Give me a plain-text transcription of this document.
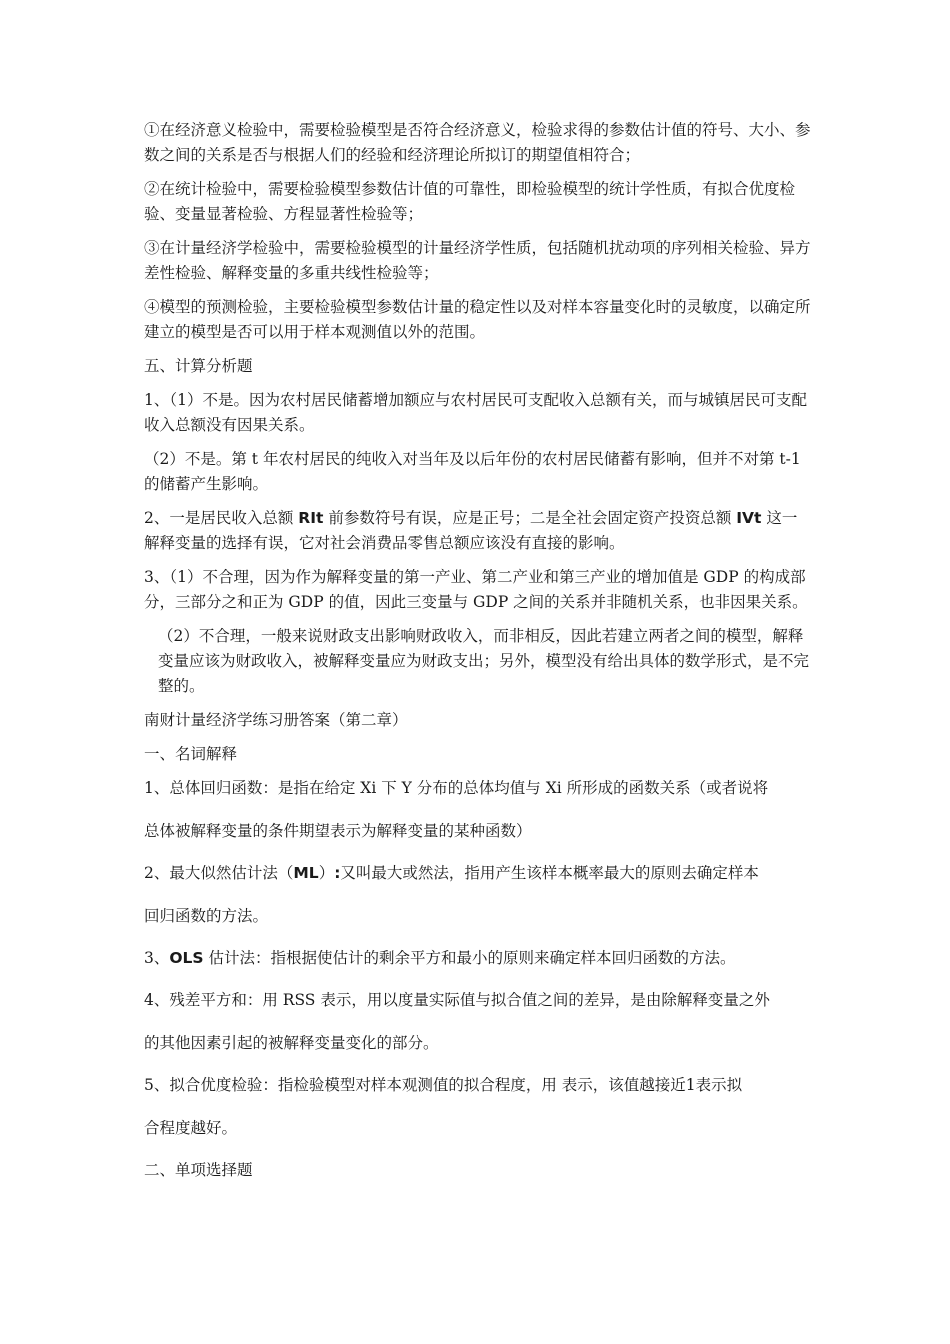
①在经济意义检验中，需要检验模型是否符合经济意义，检验求得的参数估计值的符号、大小、参数之间的关系是否与根据人们的经验和经济理论所拟订的期望值相符合；

②在统计检验中，需要检验模型参数估计值的可靠性，即检验模型的统计学性质，有拟合优度检验、变量显著检验、方程显著性检验等；

③在计量经济学检验中，需要检验模型的计量经济学性质，包括随机扰动项的序列相关检验、异方差性检验、解释变量的多重共线性检验等；

④模型的预测检验，主要检验模型参数估计量的稳定性以及对样本容量变化时的灵敏度，以确定所建立的模型是否可以用于样本观测值以外的范围。

五、计算分析题

1、（1）不是。因为农村居民储蓄增加额应与农村居民可支配收入总额有关，而与城镇居民可支配收入总额没有因果关系。

（2）不是。第 t 年农村居民的纯收入对当年及以后年份的农村居民储蓄有影响，但并不对第 t-1的储蓄产生影响。

2、一是居民收入总额 RIt 前参数符号有误，应是正号；二是全社会固定资产投资总额 IVt 这一解释变量的选择有误，它对社会消费品零售总额应该没有直接的影响。

3、（1）不合理，因为作为解释变量的第一产业、第二产业和第三产业的增加值是 GDP 的构成部分，三部分之和正为 GDP 的值，因此三变量与 GDP 之间的关系并非随机关系，也非因果关系。

（2）不合理，一般来说财政支出影响财政收入，而非相反，因此若建立两者之间的模型，解释变量应该为财政收入，被解释变量应为财政支出；另外，模型没有给出具体的数学形式，是不完整的。

南财计量经济学练习册答案（第二章）

一、名词解释

1、总体回归函数：是指在给定 Xi 下 Y 分布的总体均值与 Xi 所形成的函数关系（或者说将
总体被解释变量的条件期望表示为解释变量的某种函数）

2、最大似然估计法（ML）:又叫最大或然法，指用产生该样本概率最大的原则去确定样本
回归函数的方法。

3、OLS 估计法：指根据使估计的剩余平方和最小的原则来确定样本回归函数的方法。

4、残差平方和：用 RSS 表示，用以度量实际值与拟合值之间的差异，是由除解释变量之外
的其他因素引起的被解释变量变化的部分。

5、拟合优度检验：指检验模型对样本观测值的拟合程度，用 表示，该值越接近1表示拟
合程度越好。

二、单项选择题
